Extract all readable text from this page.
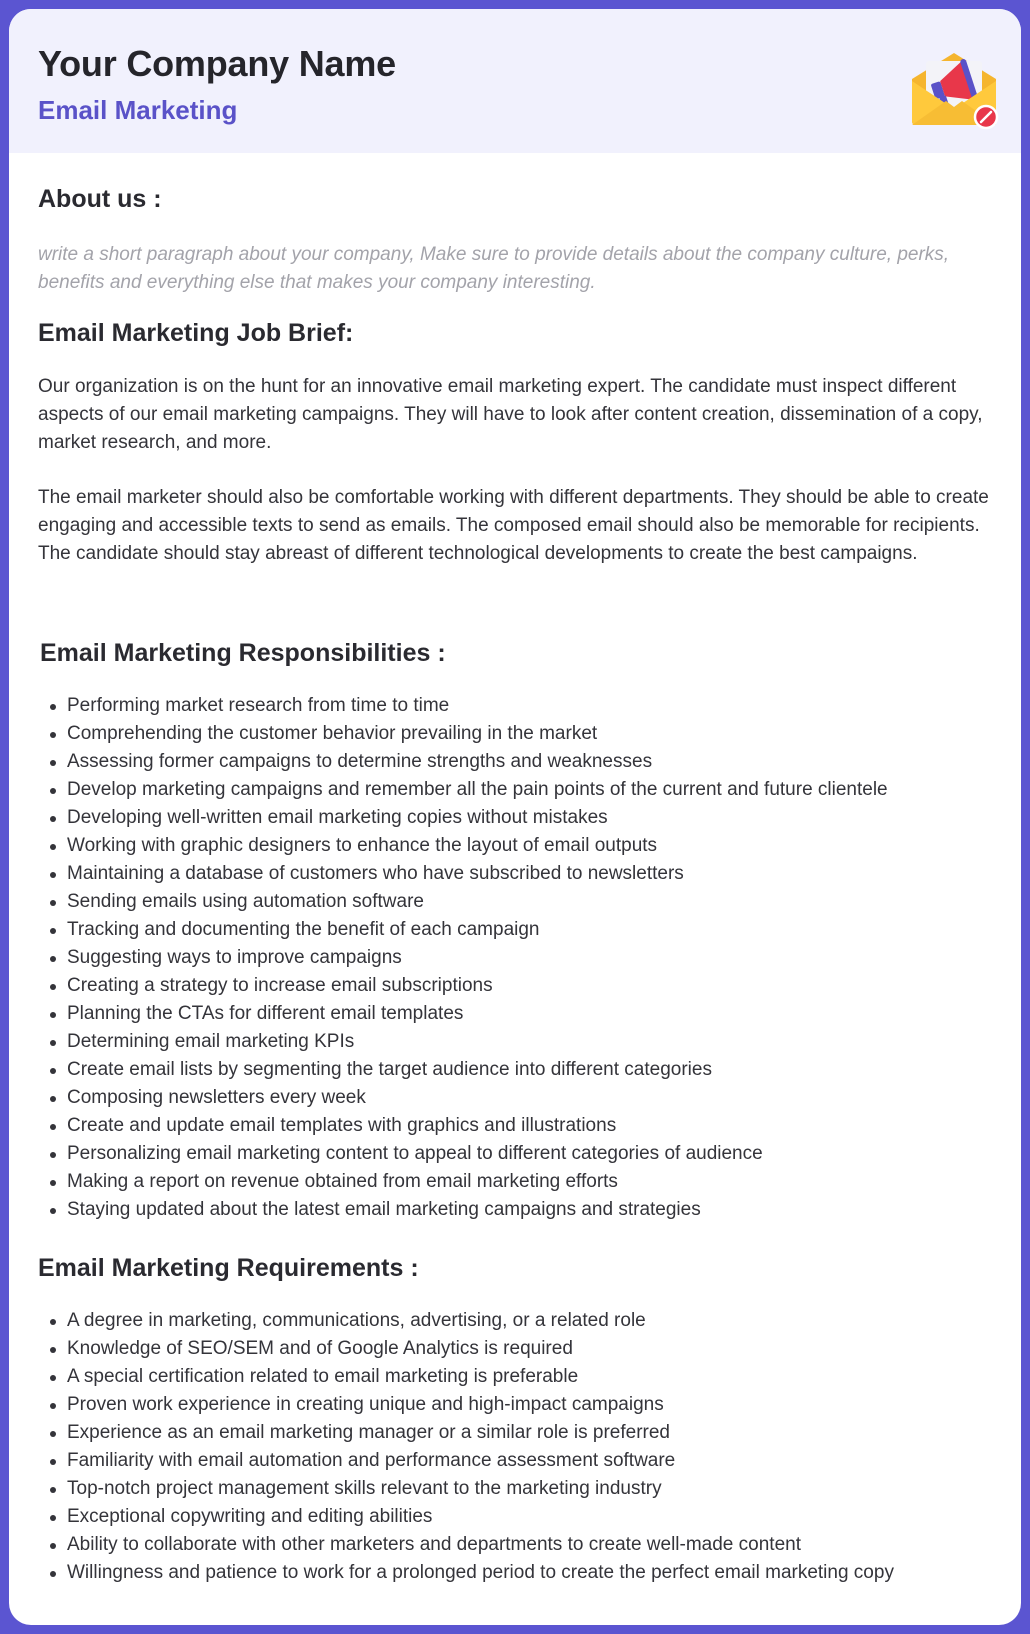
Your Company Name
Email Marketing
About us :

write a short paragraph about your company, Make sure to provide details about the company culture, perks, benefits and everything else that makes your company interesting.

Email Marketing Job Brief:

Our organization is on the hunt for an innovative email marketing expert. The candidate must inspect different aspects of our email marketing campaigns. They will have to look after content creation, dissemination of a copy, market research, and more.

The email marketer should also be comfortable working with different departments. They should be able to create engaging and accessible texts to send as emails. The composed email should also be memorable for recipients. The candidate should stay abreast of different technological developments to create the best campaigns.

Email Marketing Responsibilities :
Performing market research from time to time
Comprehending the customer behavior prevailing in the market
Assessing former campaigns to determine strengths and weaknesses
Develop marketing campaigns and remember all the pain points of the current and future clientele
Developing well-written email marketing copies without mistakes
Working with graphic designers to enhance the layout of email outputs
Maintaining a database of customers who have subscribed to newsletters
Sending emails using automation software
Tracking and documenting the benefit of each campaign
Suggesting ways to improve campaigns
Creating a strategy to increase email subscriptions
Planning the CTAs for different email templates
Determining email marketing KPIs
Create email lists by segmenting the target audience into different categories
Composing newsletters every week
Create and update email templates with graphics and illustrations
Personalizing email marketing content to appeal to different categories of audience
Making a report on revenue obtained from email marketing efforts
Staying updated about the latest email marketing campaigns and strategies
Email Marketing Requirements :
A degree in marketing, communications, advertising, or a related role
Knowledge of SEO/SEM and of Google Analytics is required
A special certification related to email marketing is preferable
Proven work experience in creating unique and high-impact campaigns
Experience as an email marketing manager or a similar role is preferred
Familiarity with email automation and performance assessment software
Top-notch project management skills relevant to the marketing industry
Exceptional copywriting and editing abilities
Ability to collaborate with other marketers and departments to create well-made content
Willingness and patience to work for a prolonged period to create the perfect email marketing copy
